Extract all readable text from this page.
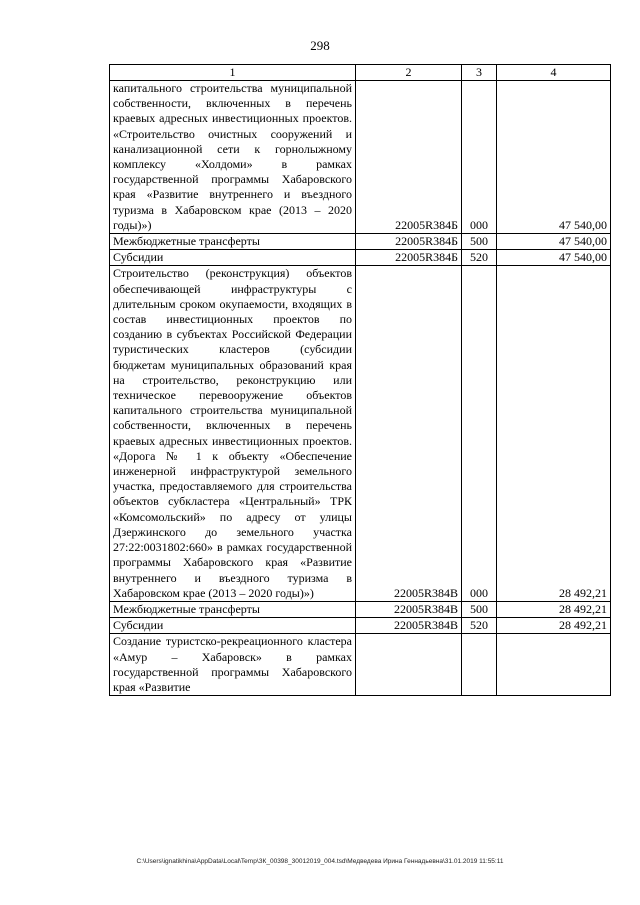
298
1	2	3	4
капитального строительства муниципальной собственности, включенных в перечень краевых адресных инвестиционных проектов. «Строительство очистных сооружений и канализационной сети к горнолыжному комплексу «Холдоми» в рамках государственной программы Хабаровского края «Развитие внутреннего и въездного туризма в Хабаровском крае (2013 – 2020 годы)»)	22005R384Б	000	47 540,00
Межбюджетные трансферты	22005R384Б	500	47 540,00
Субсидии	22005R384Б	520	47 540,00
Строительство (реконструкция) объектов обеспечивающей инфраструктуры с длительным сроком окупаемости, входящих в состав инвестиционных проектов по созданию в субъектах Российской Федерации туристических кластеров (субсидии бюджетам муниципальных образований края на строительство, реконструкцию или техническое перевооружение объектов капитального строительства муниципальной собственности, включенных в перечень краевых адресных инвестиционных проектов. «Дорога № 1 к объекту «Обеспечение инженерной инфраструктурой земельного участка, предоставляемого для строительства объектов субкластера «Центральный» ТРК «Комсомольский» по адресу от улицы Дзержинского до земельного участка 27:22:0031802:660» в рамках государственной программы Хабаровского края «Развитие внутреннего и въездного туризма в Хабаровском крае (2013 – 2020 годы)»)	22005R384В	000	28 492,21
Межбюджетные трансферты	22005R384В	500	28 492,21
Субсидии	22005R384В	520	28 492,21
Создание туристско-рекреационного кластера «Амур – Хабаровск» в рамках государственной программы Хабаровского края «Развитие			
C:\Users\ignatikhina\AppData\Local\Temp\ЗК_00398_30012019_004.tsd\Медведева Ирина Геннадьевна\31.01.2019 11:55:11
